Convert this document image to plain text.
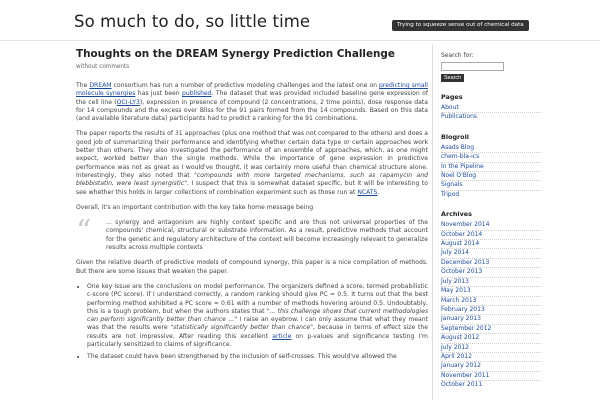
So much to do, so little time	Trying to squeeze sense out of chemical data
Thoughts on the DREAM Synergy Prediction Challenge
without comments

The DREAM consortium has run a number of predictive modeling challenges and the latest one on predicting small molecule synergies has just been published. The dataset that was provided included baseline gene expression of the cell line (OCI-LY3), expression in presence of compound (2 concentrations, 2 time points), dose response data for 14 compounds and the excess over Bliss for the 91 pairs formed from the 14 compounds. Based on this data (and available literature data) participants had to predict a ranking for the 91 combinations.

The paper reports the results of 31 approaches (plus one method that was not compared to the others) and does a good job of summarizing their performance and identifying whether certain data type or certain approaches work better than others. They also investigated the performance of an ensemble of approaches, which, as one might expect, worked better than the single methods. While the importance of gene expression in predictive performance was not as great as I would've thought, it was certainly more useful than chemical structure alone. Interestingly, they also noted that "compounds with more targeted mechanisms, such as rapamycin and blebbistatin, were least synergistic". I suspect that this is somewhat dataset specific, but it will be interesting to see whether this holds in larger collections of combination experiment such as those run at NCATS.

Overall, it's an important contribution with the key take home message being

“ ... synergy and antagonism are highly context specific and are thus not universal properties of the compounds' chemical, structural or substrate information. As a result, predictive methods that account for the genetic and regulatory architecture of the context will become increasingly relevant to generalize results across multiple contexts

Given the relative dearth of predictive models of compound synergy, this paper is a nice compilation of methods. But there are some issues that weaken the paper.

• One key issue are the conclusions on model performance. The organizers defined a score, termed probabilistic c-score (PC score). If I understand correctly, a random ranking should give PC = 0.5. It turns out that the best performing method exhibited a PC score = 0.61 with a number of methods hovering around 0.5. Undoubtably, this is a tough problem, but when the authors states that "... this challenge shows that current methodologies can perform significantly better than chance ..." I raise an eyebrow. I can only assume that what they meant was that the results were "statistically significantly better than chance", because in terms of effect size the results are not impressive. After reading this excellent article on p-values and significance testing I'm particularly sensitized to claims of significance.
• The dataset could have been strengthened by the inclusion of self-crosses. This would've allowed the
Search for:
Search
Pages
About
Publications
Blogroll
Asads Blog
chem-bla-ics
In the Pipeline
Noel O'Blog
Signals
Tripod
Archives
November 2014
October 2014
August 2014
July 2014
December 2013
October 2013
July 2013
May 2013
March 2013
February 2013
January 2013
September 2012
August 2012
July 2012
April 2012
January 2012
November 2011
October 2011
